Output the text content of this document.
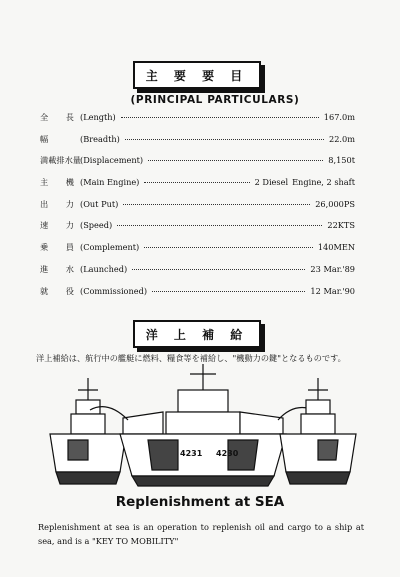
主 要 要 目
(PRINCIPAL PARTICULARS)
全 長 (Length)	167.0m
幅	(Breadth)	22.0m
満載排水量 (Displacement)	8,150t
主 機 (Main Engine)	2 Diesel Engine, 2 shaft
出 力 (Out Put)	26,000PS
速 力 (Speed)	22KTS
乗 員 (Complement)	140MEN
進 水 (Launched)	23 Mar.'89
就 役 (Commissioned)	12 Mar.'90
洋 上 補 給
洋上補給は、航行中の艦艇に燃料、糧食等を補給し、"機動力の鍵"となるものです。
4231 4230
Replenishment at SEA
Replenishment at sea is an operation to replenish oil and cargo to a ship at sea, and is a "KEY TO MOBILITY"
